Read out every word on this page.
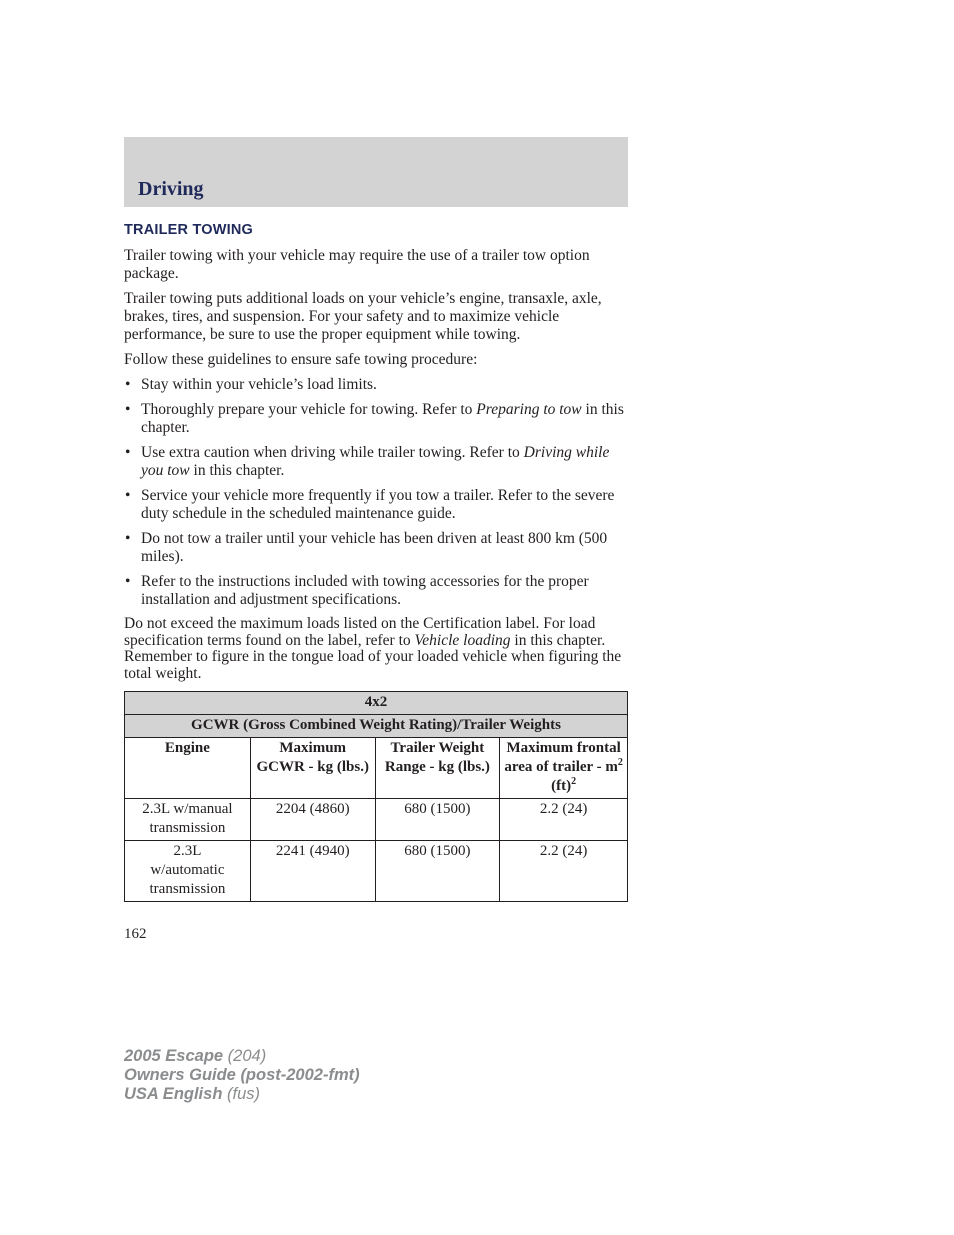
Driving
TRAILER TOWING

Trailer towing with your vehicle may require the use of a trailer tow option package.

Trailer towing puts additional loads on your vehicle’s engine, transaxle, axle, brakes, tires, and suspension. For your safety and to maximize vehicle performance, be sure to use the proper equipment while towing.

Follow these guidelines to ensure safe towing procedure:

• Stay within your vehicle’s load limits.
• Thoroughly prepare your vehicle for towing. Refer to Preparing to tow in this chapter.
• Use extra caution when driving while trailer towing. Refer to Driving while you tow in this chapter.
• Service your vehicle more frequently if you tow a trailer. Refer to the severe duty schedule in the scheduled maintenance guide.
• Do not tow a trailer until your vehicle has been driven at least 800 km (500 miles).
• Refer to the instructions included with towing accessories for the proper installation and adjustment specifications.

Do not exceed the maximum loads listed on the Certification label. For load specification terms found on the label, refer to Vehicle loading in this chapter. Remember to figure in the tongue load of your loaded vehicle when figuring the total weight.

4x2			
GCWR (Gross Combined Weight Rating)/Trailer Weights			
Engine	Maximum GCWR - kg (lbs.)	Trailer Weight Range - kg (lbs.)	Maximum frontal area of trailer - $m^2$ (ft)$^2$
2.3L w/manual transmission	2204 (4860)	680 (1500)	2.2 (24)
2.3L w/automatic transmission	2241 (4940)	680 (1500)	2.2 (24)
162
2005 Escape (204)
Owners Guide (post-2002-fmt)
USA English (fus)
